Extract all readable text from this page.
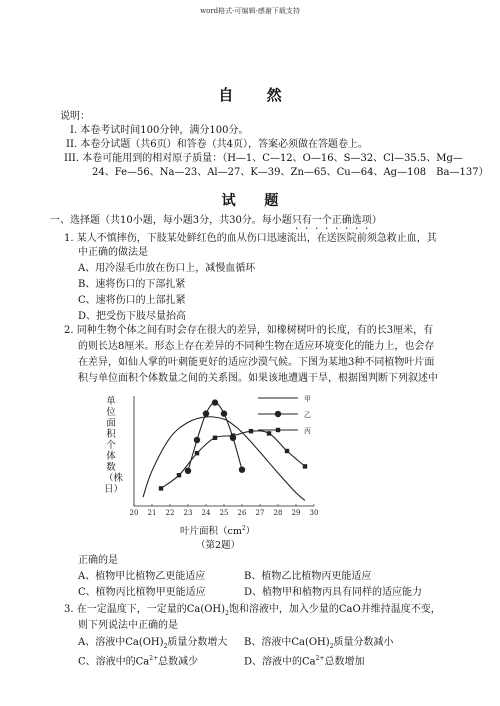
word格式-可编辑-感谢下载支持
自 然
说明：
I. 本卷考试时间100分钟，满分100分。
II. 本卷分试题（共6页）和答卷（共4页），答案必须做在答题卷上。
III. 本卷可能用到的相对原子质量：（H—1、C—12、O—16、S—32、Cl—35.5、Mg—
24、Fe—56、Na—23、Al—27、K—39、Zn—65、Cu—64、Ag—108　Ba—137）
试 题
一、选择题（共10小题，每小题3分，共30分。每小题只有一个正确选项）
1. 某人不慎摔伤，下肢某处鲜红色的血从伤口迅速流出，在送医院前须急救止血，其
中正确的做法是
A、用冷湿毛巾放在伤口上，减慢血循环
B、速将伤口的下部扎紧
C、速将伤口的上部扎紧
D、把受伤下肢尽量抬高
2. 同种生物个体之间有时会存在很大的差异，如橡树树叶的长度，有的长3厘米，有
的则长达8厘米。形态上存在差异的不同种生物在适应环境变化的能力上，也会存
在差异，如仙人掌的叶刺能更好的适应沙漠气候。下图为某地3种不同植物叶片面
积与单位面积个体数量之间的关系图。如果该地遭遇干旱，根据图判断下列叙述中
单位面积个体数（株日）
20 21 22 23 24 25 26 27 28 29 30
甲
乙
丙
叶片面积$(cm^2)$
（第2题）
正确的是
A、植物甲比植物乙更能适应	B、植物乙比植物丙更能适应
C、植物丙比植物甲更能适应	D、植物甲和植物丙具有同样的适应能力
3. 在一定温度下，一定量的$Ca(OH)_2$饱和溶液中，加入少量的CaO并维持温度不变，
则下列说法中正确的是
A、溶液中$Ca(OH)_2$质量分数增大 B、溶液中$Ca(OH)_2$质量分数减小
C、溶液中的$Ca^{2+}$总数减少	D、溶液中的$Ca^{2+}$总数增加
